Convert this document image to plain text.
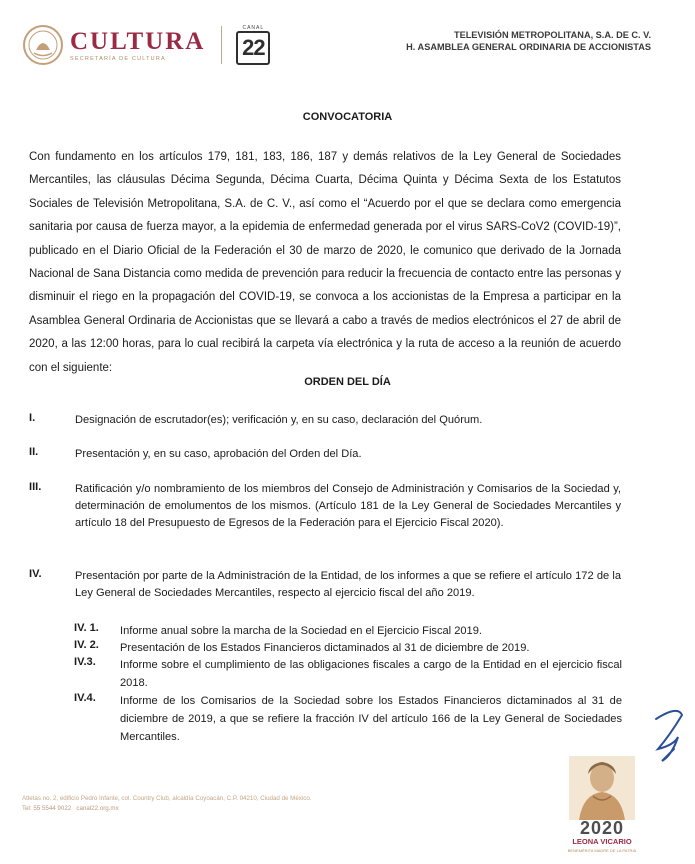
CULTURA
SECRETARÍA DE CULTURA
CANAL
22	TELEVISIÓN METROPOLITANA, S.A. DE C. V.
H. ASAMBLEA GENERAL ORDINARIA DE ACCIONISTAS
CONVOCATORIA
Con fundamento en los artículos 179, 181, 183, 186, 187 y demás relativos de la Ley General de Sociedades Mercantiles, las cláusulas Décima Segunda, Décima Cuarta, Décima Quinta y Décima Sexta de los Estatutos Sociales de Televisión Metropolitana, S.A. de C. V., así como el “Acuerdo por el que se declara como emergencia sanitaria por causa de fuerza mayor, a la epidemia de enfermedad generada por el virus SARS-CoV2 (COVID-19)”, publicado en el Diario Oficial de la Federación el 30 de marzo de 2020, le comunico que derivado de la Jornada Nacional de Sana Distancia como medida de prevención para reducir la frecuencia de contacto entre las personas y disminuir el riego en la propagación del COVID-19, se convoca a los accionistas de la Empresa a participar en la Asamblea General Ordinaria de Accionistas que se llevará a cabo a través de medios electrónicos el 27 de abril de 2020, a las 12:00 horas, para lo cual recibirá la carpeta vía electrónica y la ruta de acceso a la reunión de acuerdo con el siguiente:
ORDEN DEL DÍA
I.	Designación de escrutador(es); verificación y, en su caso, declaración del Quórum.
II.	Presentación y, en su caso, aprobación del Orden del Día.
III.	Ratificación y/o nombramiento de los miembros del Consejo de Administración y Comisarios de la Sociedad y, determinación de emolumentos de los mismos. (Artículo 181 de la Ley General de Sociedades Mercantiles y artículo 18 del Presupuesto de Egresos de la Federación para el Ejercicio Fiscal 2020).
IV.	Presentación por parte de la Administración de la Entidad, de los informes a que se refiere el artículo 172 de la Ley General de Sociedades Mercantiles, respecto al ejercicio fiscal del año 2019.
IV. 1. Informe anual sobre la marcha de la Sociedad en el Ejercicio Fiscal 2019.
IV. 2. Presentación de los Estados Financieros dictaminados al 31 de diciembre de 2019.
IV.3. Informe sobre el cumplimiento de las obligaciones fiscales a cargo de la Entidad en el ejercicio fiscal 2018.
IV.4. Informe de los Comisarios de la Sociedad sobre los Estados Financieros dictaminados al 31 de diciembre de 2019, a que se refiere la fracción IV del artículo 166 de la Ley General de Sociedades Mercantiles.
Atletas no. 2, edificio Pedro Infante, col. Country Club, alcaldía Coyoacán, C.P. 04210, Ciudad de México.
Tel: 55 5544 9022 canal22.org.mx
2020
LEONA VICARIO
BENEMÉRITA MADRE DE LA PATRIA
